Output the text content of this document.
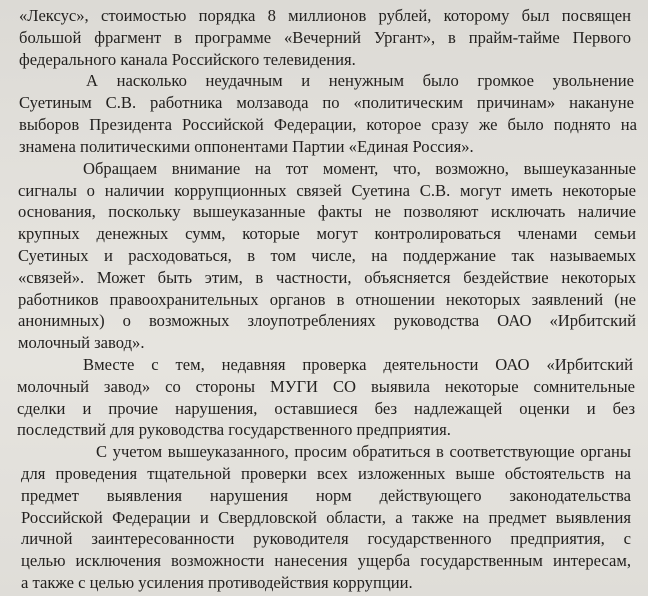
«Лексус», стоимостью порядка 8 миллионов рублей, которому был посвящен
большой фрагмент в программе «Вечерний Ургант», в прайм-тайме Первого
федерального канала Российского телевидения.
А насколько неудачным и ненужным было громкое увольнение
Суетиным С.В. работника молзавода по «политическим причинам» накануне
выборов Президента Российской Федерации, которое сразу же было поднято на
знамена политическими оппонентами Партии «Единая Россия».
Обращаем внимание на тот момент, что, возможно, вышеуказанные
сигналы о наличии коррупционных связей Суетина С.В. могут иметь некоторые
основания, поскольку вышеуказанные факты не позволяют исключать наличие
крупных денежных сумм, которые могут контролироваться членами семьи
Суетиных и расходоваться, в том числе, на поддержание так называемых
«связей». Может быть этим, в частности, объясняется бездействие некоторых
работников правоохранительных органов в отношении некоторых заявлений (не
анонимных) о возможных злоупотреблениях руководства ОАО «Ирбитский
молочный завод».
Вместе с тем, недавняя проверка деятельности ОАО «Ирбитский
молочный завод» со стороны МУГИ СО выявила некоторые сомнительные
сделки и прочие нарушения, оставшиеся без надлежащей оценки и без
последствий для руководства государственного предприятия.
С учетом вышеуказанного, просим обратиться в соответствующие органы
для проведения тщательной проверки всех изложенных выше обстоятельств на
предмет выявления нарушения норм действующего законодательства
Российской Федерации и Свердловской области, а также на предмет выявления
личной заинтересованности руководителя государственного предприятия, с
целью исключения возможности нанесения ущерба государственным интересам,
а также с целью усиления противодействия коррупции.
